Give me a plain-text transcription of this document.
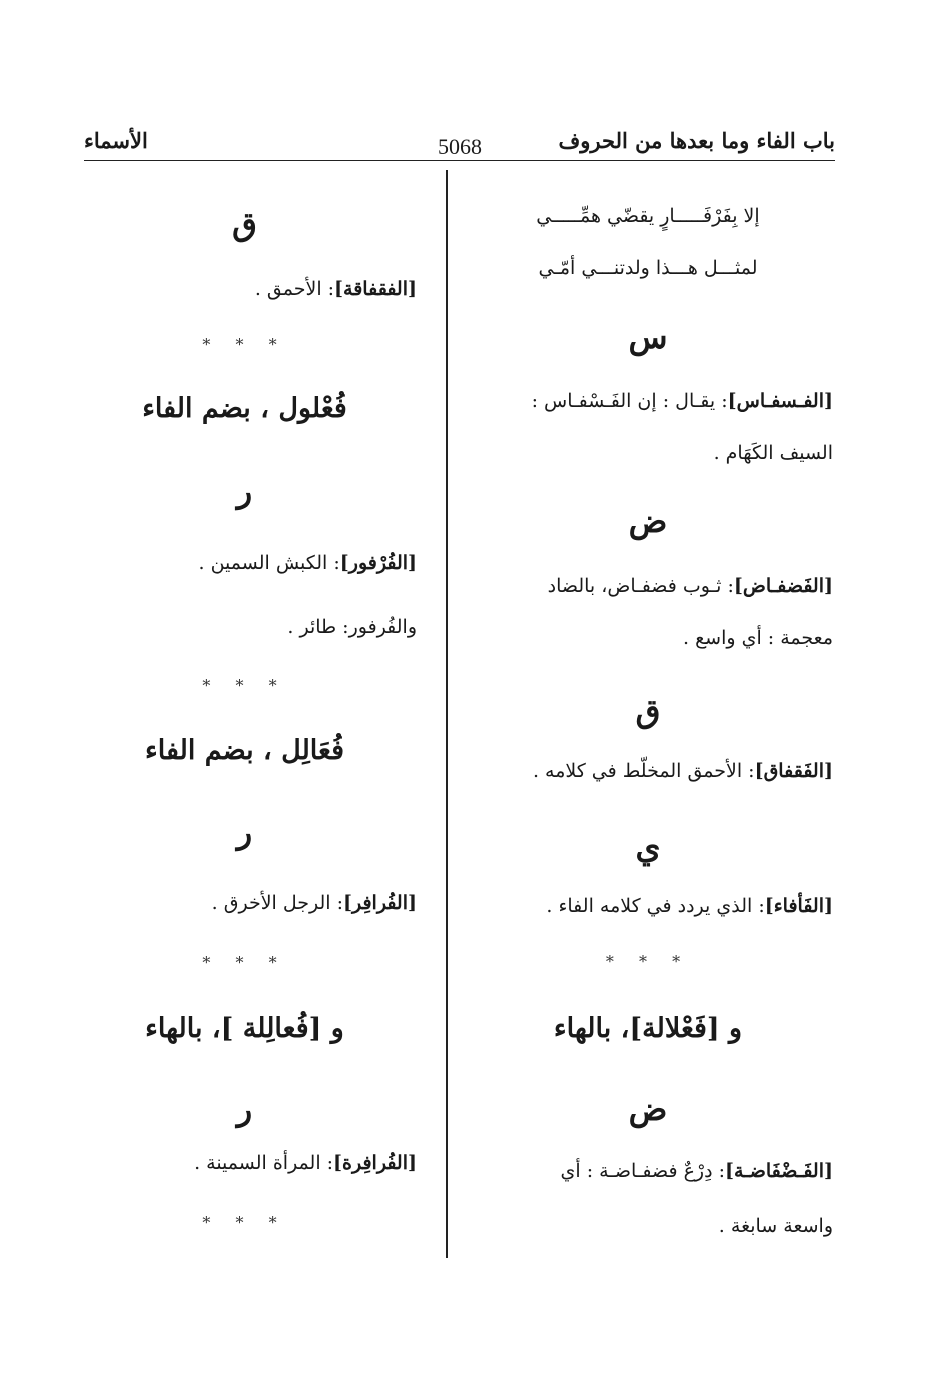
باب الفاء وما بعدها من الحروف
5068
الأسماء
إلا بِفَرْفَـــــارٍ يقضّي همِّـــــي
لمثـــل هـــذا ولدتنـــي أمّـي
س
[الفـسفـاس]: يقـال : إن الفَـسْفـاس :
السيف الكَهَام .
ض
[الفَضفـاض]: ثـوب فضفـاض، بالضاد
معجمة : أي واسع .
ق
[الفَقفاق]: الأحمق المخلّط في كلامه .
ي
[الفَأفاء]: الذي يردد في كلامه الفاء .
* * *
و [فَعْلالة]، بالهاء
ض
[الفَـضْفَاضـة]: دِرْعٌ فضفـاضـة : أي
واسعة سابغة .
ق
[الفقفاقة]: الأحمق .
* * *
فُعْلول ، بضم الفاء
ر
[الفُرْفور]: الكبش السمين .
والفُرفور: طائر .
* * *
فُعَالِل ، بضم الفاء
ر
[الفُرافِر]: الرجل الأخرق .
* * *
و [فُعالِلة ]، بالهاء
ر
[الفُرافِرة]: المرأة السمينة .
* * *
